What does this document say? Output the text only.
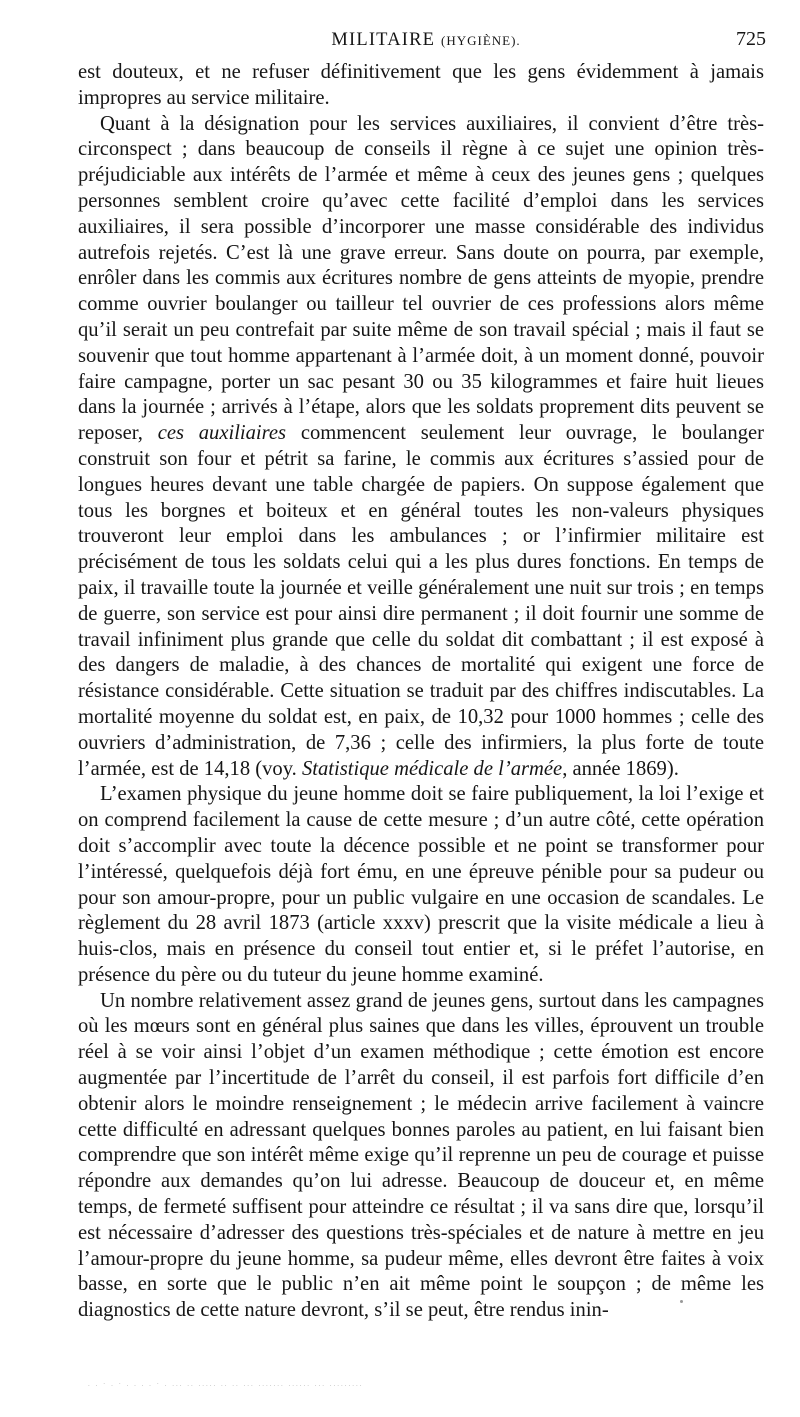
MILITAIRE (HYGIÈNE).	725

est douteux, et ne refuser définitivement que les gens évidemment à jamais impropres au service militaire.

Quant à la désignation pour les services auxiliaires, il convient d’être très-circonspect ; dans beaucoup de conseils il règne à ce sujet une opinion très-préjudiciable aux intérêts de l’armée et même à ceux des jeunes gens ; quelques personnes semblent croire qu’avec cette facilité d’emploi dans les services auxiliaires, il sera possible d’incorporer une masse considérable des individus autrefois rejetés. C’est là une grave erreur. Sans doute on pourra, par exemple, enrôler dans les commis aux écritures nombre de gens atteints de myopie, prendre comme ouvrier boulanger ou tailleur tel ouvrier de ces professions alors même qu’il serait un peu contrefait par suite même de son travail spécial ; mais il faut se souvenir que tout homme appartenant à l’armée doit, à un moment donné, pouvoir faire campagne, porter un sac pesant 30 ou 35 kilogrammes et faire huit lieues dans la journée ; arrivés à l’étape, alors que les soldats proprement dits peuvent se reposer, ces auxiliaires commencent seulement leur ouvrage, le boulanger construit son four et pétrit sa farine, le commis aux écritures s’assied pour de longues heures devant une table chargée de papiers. On suppose également que tous les borgnes et boiteux et en général toutes les non-valeurs physiques trouveront leur emploi dans les ambulances ; or l’infirmier militaire est précisément de tous les soldats celui qui a les plus dures fonctions. En temps de paix, il travaille toute la journée et veille généralement une nuit sur trois ; en temps de guerre, son service est pour ainsi dire permanent ; il doit fournir une somme de travail infiniment plus grande que celle du soldat dit combattant ; il est exposé à des dangers de maladie, à des chances de mortalité qui exigent une force de résistance considérable. Cette situation se traduit par des chiffres indiscutables. La mortalité moyenne du soldat est, en paix, de 10,32 pour 1000 hommes ; celle des ouvriers d’administration, de 7,36 ; celle des infirmiers, la plus forte de toute l’armée, est de 14,18 (voy. Statistique médicale de l’armée, année 1869).

L’examen physique du jeune homme doit se faire publiquement, la loi l’exige et on comprend facilement la cause de cette mesure ; d’un autre côté, cette opération doit s’accomplir avec toute la décence possible et ne point se transformer pour l’intéressé, quelquefois déjà fort ému, en une épreuve pénible pour sa pudeur ou pour son amour-propre, pour un public vulgaire en une occasion de scandales. Le règlement du 28 avril 1873 (article xxxv) prescrit que la visite médicale a lieu à huis-clos, mais en présence du conseil tout entier et, si le préfet l’autorise, en présence du père ou du tuteur du jeune homme examiné.

Un nombre relativement assez grand de jeunes gens, surtout dans les campagnes où les mœurs sont en général plus saines que dans les villes, éprouvent un trouble réel à se voir ainsi l’objet d’un examen méthodique ; cette émotion est encore augmentée par l’incertitude de l’arrêt du conseil, il est parfois fort difficile d’en obtenir alors le moindre renseignement ; le médecin arrive facilement à vaincre cette difficulté en adressant quelques bonnes paroles au patient, en lui faisant bien comprendre que son intérêt même exige qu’il reprenne un peu de courage et puisse répondre aux demandes qu’on lui adresse. Beaucoup de douceur et, en même temps, de fermeté suffisent pour atteindre ce résultat ; il va sans dire que, lorsqu’il est nécessaire d’adresser des questions très-spéciales et de nature à mettre en jeu l’amour-propre du jeune homme, sa pudeur même, elles devront être faites à voix basse, en sorte que le public n’en ait même point le soupçon ; de même les diagnostics de cette nature devront, s’il se peut, être rendus inin-

. . · . · . . . . · . ... .. ..... .. .. ... ....... ...... ... .........
